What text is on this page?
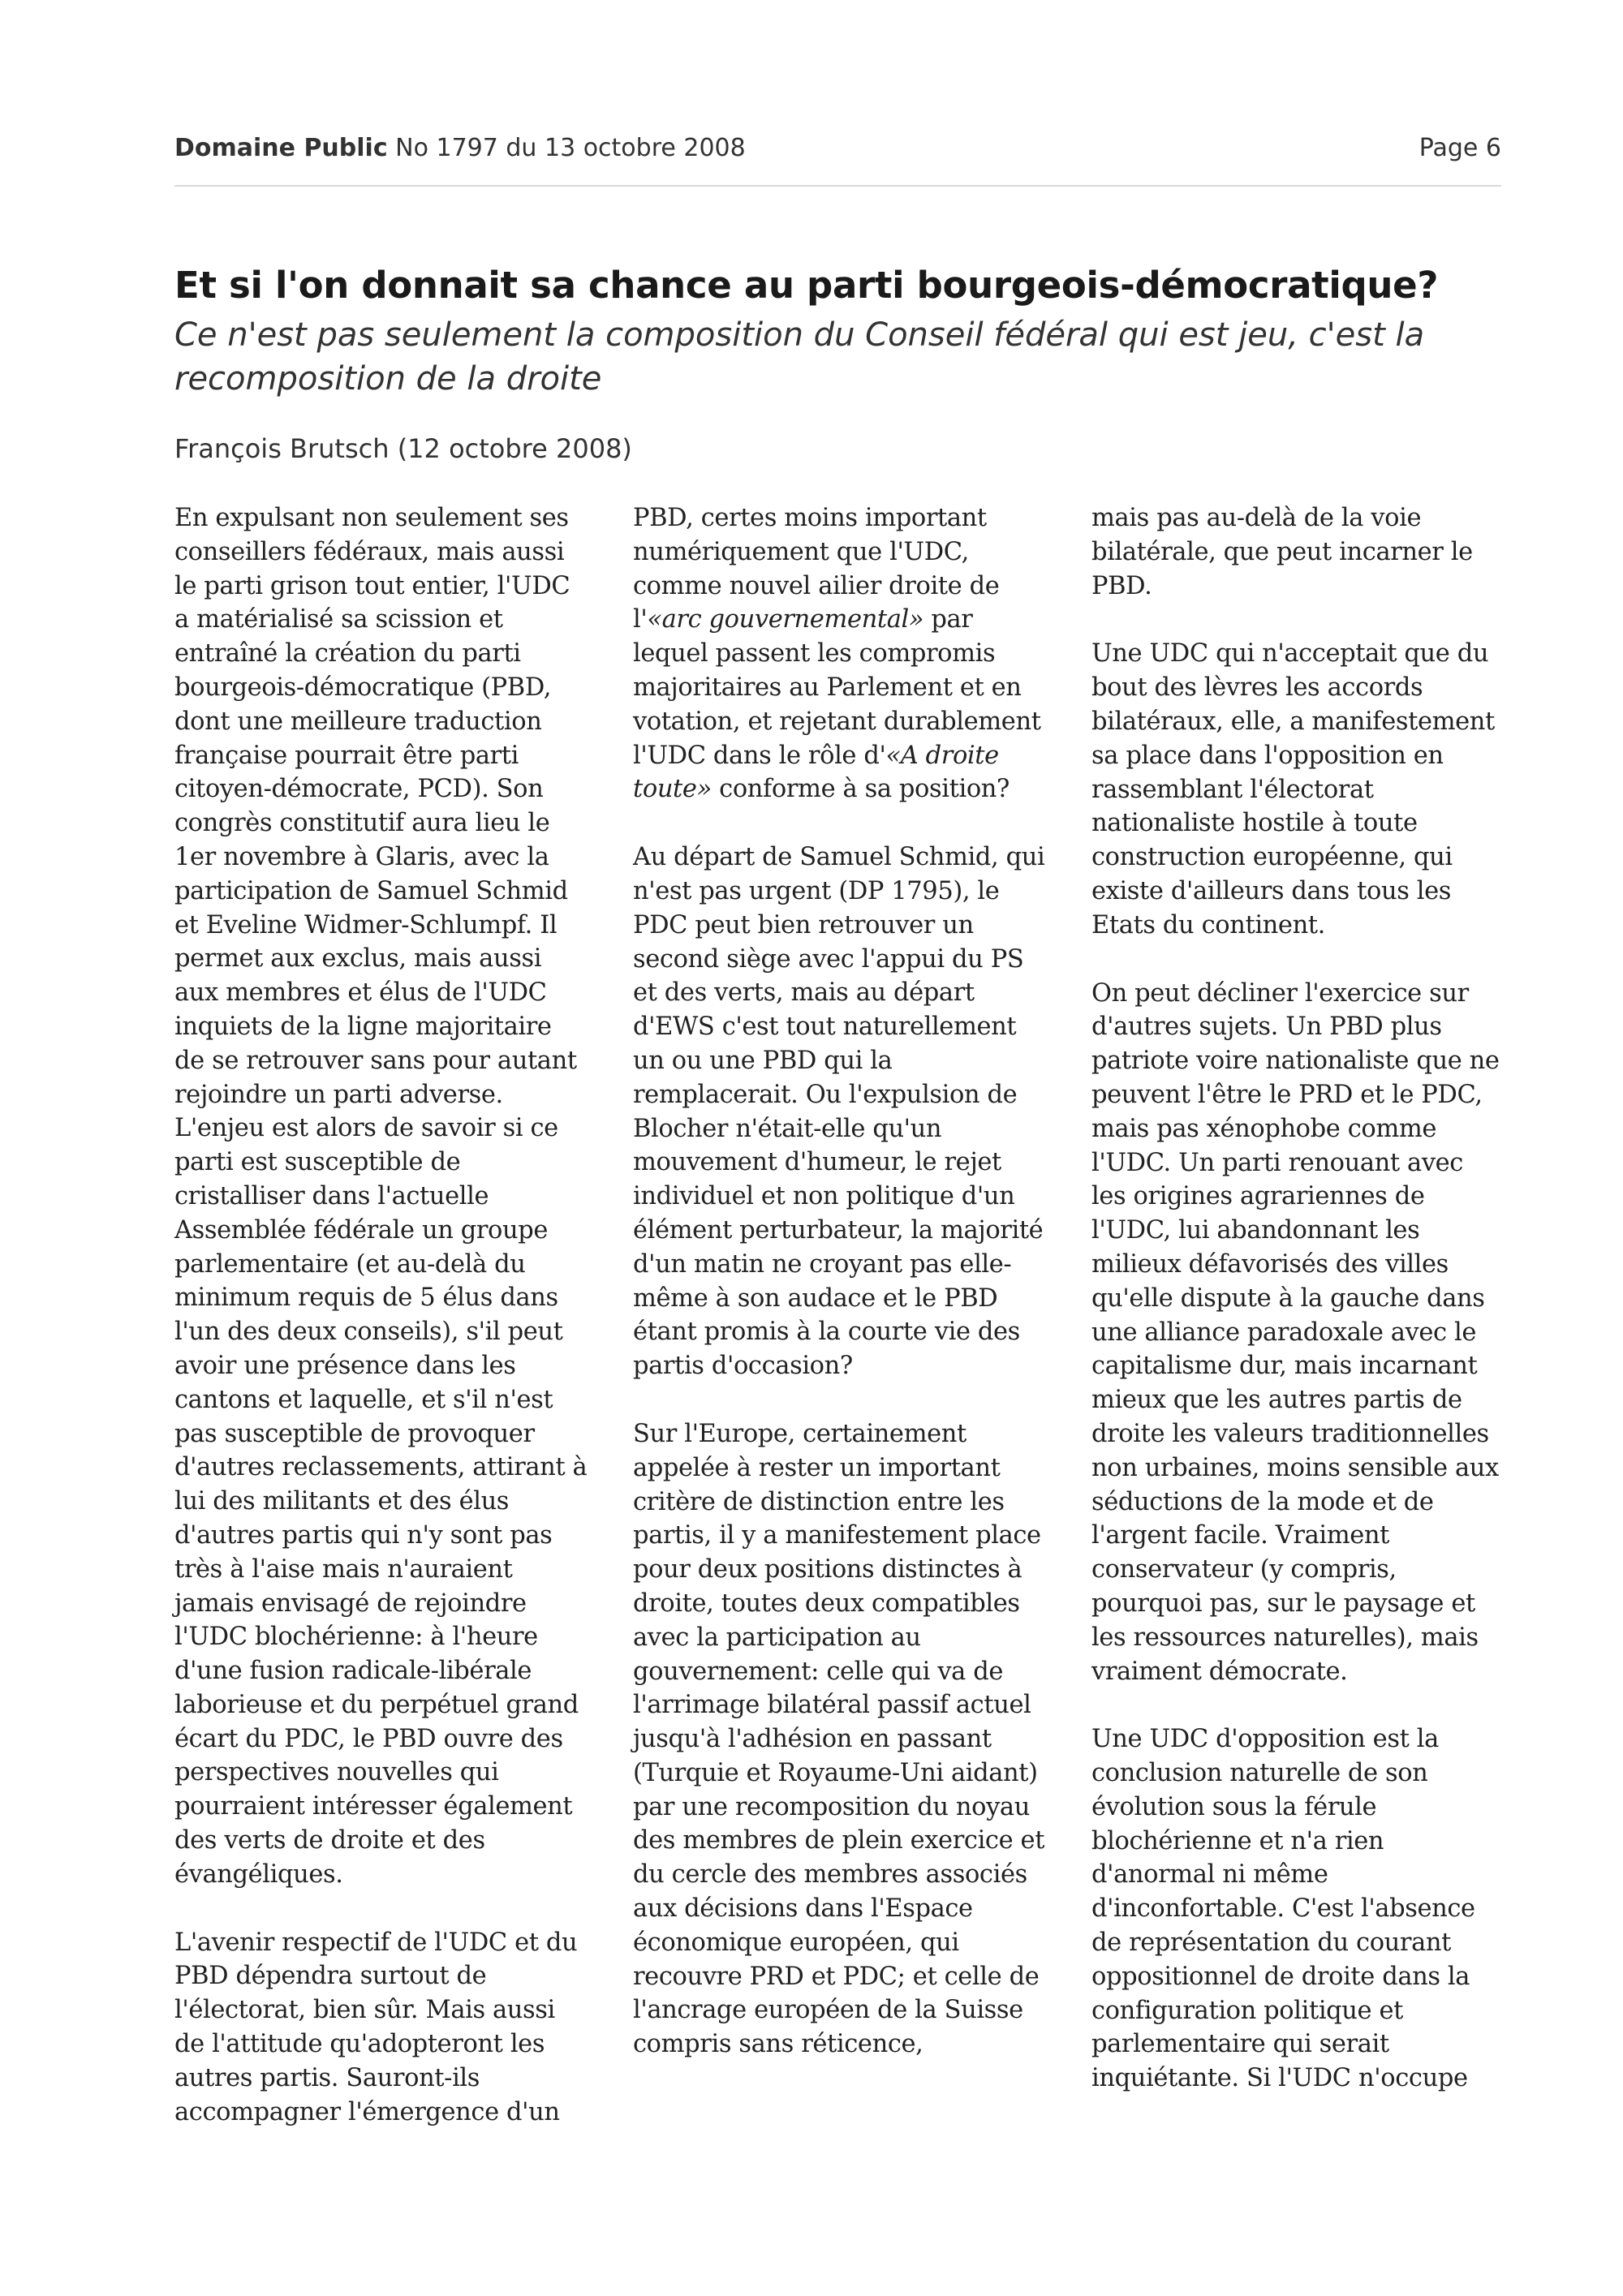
Domaine Public No 1797 du 13 octobre 2008	Page 6
Et si l'on donnait sa chance au parti bourgeois-démocratique?

Ce n'est pas seulement la composition du Conseil fédéral qui est jeu, c'est la recomposition de la droite

François Brutsch (12 octobre 2008)

En expulsant non seulement ses conseillers fédéraux, mais aussi le parti grison tout entier, l'UDC a matérialisé sa scission et entraîné la création du parti bourgeois-démocratique (PBD, dont une meilleure traduction française pourrait être parti citoyen-démocrate, PCD). Son congrès constitutif aura lieu le 1er novembre à Glaris, avec la participation de Samuel Schmid et Eveline Widmer-Schlumpf. Il permet aux exclus, mais aussi aux membres et élus de l'UDC inquiets de la ligne majoritaire de se retrouver sans pour autant rejoindre un parti adverse. L'enjeu est alors de savoir si ce parti est susceptible de cristalliser dans l'actuelle Assemblée fédérale un groupe parlementaire (et au-delà du minimum requis de 5 élus dans l'un des deux conseils), s'il peut avoir une présence dans les cantons et laquelle, et s'il n'est pas susceptible de provoquer d'autres reclassements, attirant à lui des militants et des élus d'autres partis qui n'y sont pas très à l'aise mais n'auraient jamais envisagé de rejoindre l'UDC blochérienne: à l'heure d'une fusion radicale-libérale laborieuse et du perpétuel grand écart du PDC, le PBD ouvre des perspectives nouvelles qui pourraient intéresser également des verts de droite et des évangéliques.

L'avenir respectif de l'UDC et du PBD dépendra surtout de l'électorat, bien sûr. Mais aussi de l'attitude qu'adopteront les autres partis. Sauront-ils accompagner l'émergence d'un

PBD, certes moins important numériquement que l'UDC, comme nouvel ailier droite de l'«arc gouvernemental» par lequel passent les compromis majoritaires au Parlement et en votation, et rejetant durablement l'UDC dans le rôle d'«A droite toute» conforme à sa position?

Au départ de Samuel Schmid, qui n'est pas urgent (DP 1795), le PDC peut bien retrouver un second siège avec l'appui du PS et des verts, mais au départ d'EWS c'est tout naturellement un ou une PBD qui la remplacerait. Ou l'expulsion de Blocher n'était-elle qu'un mouvement d'humeur, le rejet individuel et non politique d'un élément perturbateur, la majorité d'un matin ne croyant pas elle-même à son audace et le PBD étant promis à la courte vie des partis d'occasion?

Sur l'Europe, certainement appelée à rester un important critère de distinction entre les partis, il y a manifestement place pour deux positions distinctes à droite, toutes deux compatibles avec la participation au gouvernement: celle qui va de l'arrimage bilatéral passif actuel jusqu'à l'adhésion en passant (Turquie et Royaume-Uni aidant) par une recomposition du noyau des membres de plein exercice et du cercle des membres associés aux décisions dans l'Espace économique européen, qui recouvre PRD et PDC; et celle de l'ancrage européen de la Suisse compris sans réticence,

mais pas au-delà de la voie bilatérale, que peut incarner le PBD.

Une UDC qui n'acceptait que du bout des lèvres les accords bilatéraux, elle, a manifestement sa place dans l'opposition en rassemblant l'électorat nationaliste hostile à toute construction européenne, qui existe d'ailleurs dans tous les Etats du continent.

On peut décliner l'exercice sur d'autres sujets. Un PBD plus patriote voire nationaliste que ne peuvent l'être le PRD et le PDC, mais pas xénophobe comme l'UDC. Un parti renouant avec les origines agrariennes de l'UDC, lui abandonnant les milieux défavorisés des villes qu'elle dispute à la gauche dans une alliance paradoxale avec le capitalisme dur, mais incarnant mieux que les autres partis de droite les valeurs traditionnelles non urbaines, moins sensible aux séductions de la mode et de l'argent facile. Vraiment conservateur (y compris, pourquoi pas, sur le paysage et les ressources naturelles), mais vraiment démocrate.

Une UDC d'opposition est la conclusion naturelle de son évolution sous la férule blochérienne et n'a rien d'anormal ni même d'inconfortable. C'est l'absence de représentation du courant oppositionnel de droite dans la configuration politique et parlementaire qui serait inquiétante. Si l'UDC n'occupe
